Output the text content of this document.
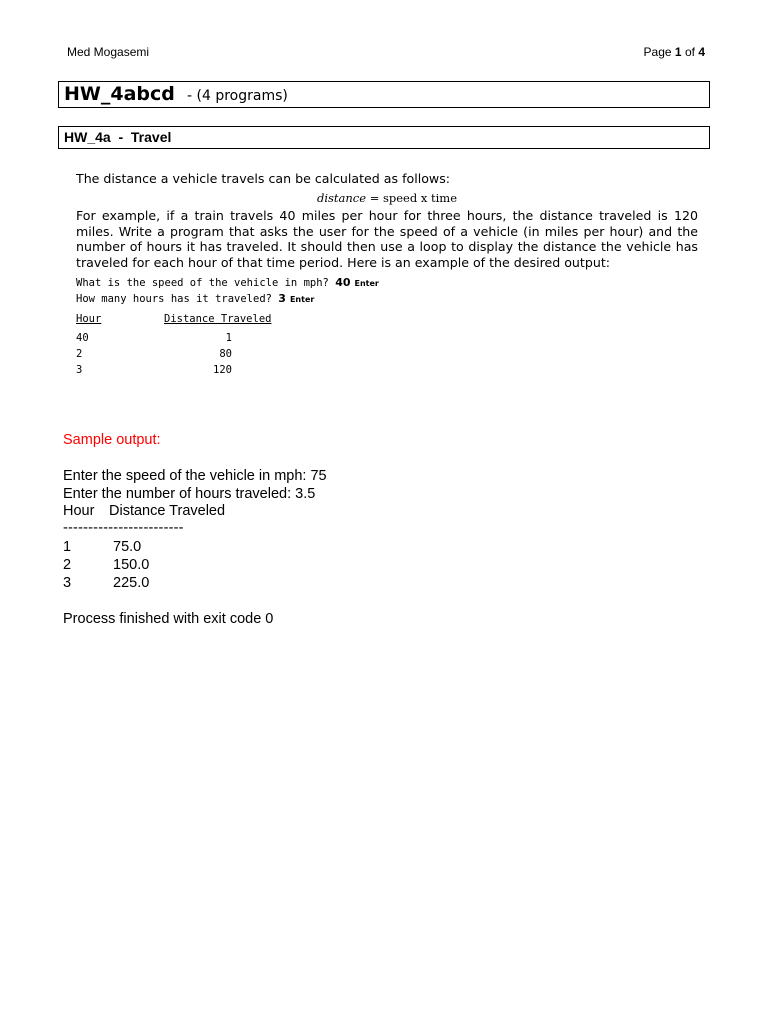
Med Mogasemi	Page 1 of 4
HW_4abcd - (4 programs)
HW_4a  -  Travel
The distance a vehicle travels can be calculated as follows:
distance = speed x time
For example, if a train travels 40 miles per hour for three hours, the distance traveled is 120 miles. Write a program that asks the user for the speed of a vehicle (in miles per hour) and the number of hours it has traveled. It should then use a loop to display the distance the vehicle has traveled for each hour of that time period. Here is an example of the desired output:
What is the speed of the vehicle in mph? 40 Enter
How many hours has it traveled? 3 Enter
Hour	Distance Traveled
40	1
2	80
3	120
Sample output:
Enter the speed of the vehicle in mph: 75
Enter the number of hours traveled: 3.5
Hour Distance Traveled
------------------------
1	75.0
2	150.0
3	225.0
Process finished with exit code 0
